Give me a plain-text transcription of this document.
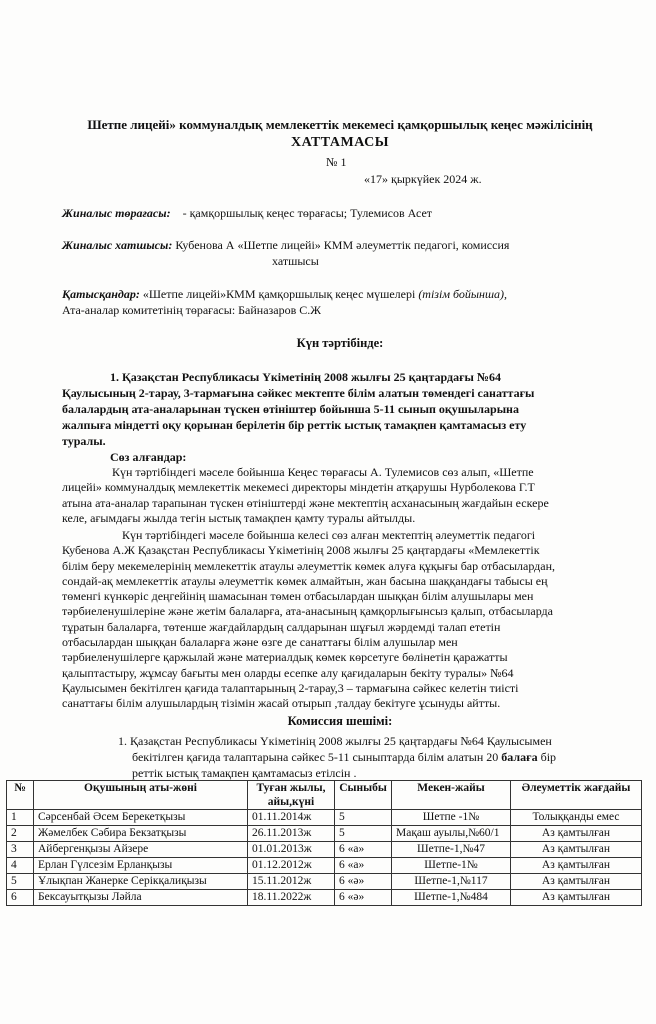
Шетпе лицейі» коммуналдық мемлекеттік мекемесі қамқоршылық кеңес мәжілісінің
ХАТТАМАСЫ
№ 1
«17» қыркүйек 2024 ж.
Жиналыс төрағасы: - қамқоршылық кеңес төрағасы; Тулемисов Асет
Жиналыс хатшысы: Кубенова А «Шетпе лицейі» КММ әлеуметтік педагогі, комиссия
хатшысы
Қатысқандар: «Шетпе лицейі»КММ қамқоршылық кеңес мүшелері (тізім бойынша),
Ата-аналар комитетінің төрағасы: Байназаров С.Ж
Күн тәртібінде:
1. Қазақстан Республикасы Үкіметінің 2008 жылғы 25 қаңтардағы №64
Қаулысының 2-тарау, 3-тармағына сәйкес мектепте білім алатын төмендегі санаттағы
балалардың ата-аналарынан түскен өтініштер бойынша 5-11 сынып оқушыларына
жалпыға міндетті оқу қорынан берілетін бір реттік ыстық тамақпен қамтамасыз ету
туралы.
Сөз алғандар:

Күн тәртібіндегі мәселе бойынша Кеңес төрағасы А. Тулемисов сөз алып, «Шетпе

лицейі» коммуналдық мемлекеттік мекемесі директоры міндетін атқарушы Нурболекова Г.Т

атына ата-аналар тарапынан түскен өтініштерді және мектептің асханасының жағдайын ескере

келе, ағымдағы жылда тегін ыстық тамақпен қамту туралы айтылды.

Күн тәртібіндегі мәселе бойынша келесі сөз алған мектептің әлеуметтік педагогі

Кубенова А.Ж Қазақстан Республикасы Үкіметінің 2008 жылғы 25 қаңтардағы «Мемлекеттік

білім беру мекемелерінің мемлекеттік атаулы әлеуметтік көмек алуға құқығы бар отбасылардан,

сондай-ақ мемлекеттік атаулы әлеуметтік көмек алмайтын, жан басына шаққандағы табысы ең

төменгі күнкөріс деңгейінің шамасынан төмен отбасылардан шыққан білім алушылары мен

тәрбиеленушілеріне және жетім балаларға, ата-анасының қамқорлығынсыз қалып, отбасыларда

тұратын балаларға, төтенше жағдайлардың салдарынан шұғыл жәрдемді талап ететін

отбасылардан шыққан балаларға және өзге де санаттағы білім алушылар мен

тәрбиеленушілерге қаржылай және материалдық көмек көрсетуге бөлінетін қаражатты

қалыптастыру, жұмсау бағыты мен оларды есепке алу қағидаларын бекіту туралы» №64

Қаулысымен бекітілген қағида талаптарының 2-тарау,3 – тармағына сәйкес келетін тиісті

санаттағы білім алушылардың тізімін жасай отырып ,талдау бекітуге ұсынуды айтты.

Комиссия шешімі:
1. Қазақстан Республикасы Үкіметінің 2008 жылғы 25 қаңтардағы №64 Қаулысымен
бекітілген қағида талаптарына сәйкес 5-11 сыныптарда білім алатын 20 балаға бір
реттік ыстық тамақпен қамтамасыз етілсін .
№	Оқушының аты-жөні	Туған жылы, айы,күні	Сыныбы	Мекен-жайы	Әлеуметтік жағдайы
1	Сәрсенбай Әсем Берекетқызы	01.11.2014ж	5	Шетпе -1№	Толыққанды емес
2	Жәмелбек Сәбира Бекзатқызы	26.11.2013ж	5	Мақаш ауылы,№60/1	Аз қамтылған
3	Айбергенқызы Айзере	01.01.2013ж	6 «а»	Шетпе-1,№47	Аз қамтылған
4	Ерлан Гүлсезім Ерланқызы	01.12.2012ж	6 «а»	Шетпе-1№	Аз қамтылған
5	Ұлықпан Жанерке Серікқалиқызы	15.11.2012ж	6 «ә»	Шетпе-1,№117	Аз қамтылған
6	Бексауытқызы Ләйла	18.11.2022ж	6 «ә»	Шетпе-1,№484	Аз қамтылған
